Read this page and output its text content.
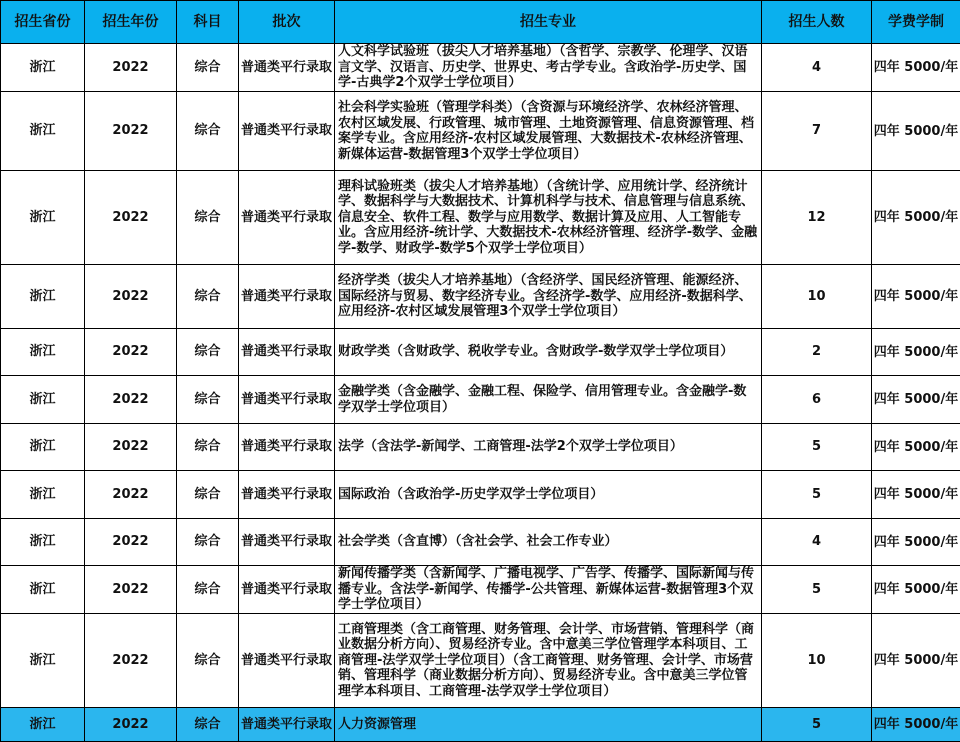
招生省份	招生年份	科目	批次	招生专业	招生人数	学费学制
浙江	2022	综合	普通类平行录取	人文科学试验班（拔尖人才培养基地）（含哲学、宗教学、伦理学、汉语言文学、汉语言、历史学、世界史、考古学专业。含政治学-历史学、国学-古典学2个双学士学位项目）	4	四年 5000/年
浙江	2022	综合	普通类平行录取	社会科学实验班（管理学科类）（含资源与环境经济学、农林经济管理、农村区域发展、行政管理、城市管理、土地资源管理、信息资源管理、档案学专业。含应用经济-农村区域发展管理、大数据技术-农林经济管理、新媒体运营-数据管理3个双学士学位项目）	7	四年 5000/年
浙江	2022	综合	普通类平行录取	理科试验班类（拔尖人才培养基地）（含统计学、应用统计学、经济统计学、数据科学与大数据技术、计算机科学与技术、信息管理与信息系统、信息安全、软件工程、数学与应用数学、数据计算及应用、人工智能专业。含应用经济-统计学、大数据技术-农林经济管理、经济学-数学、金融学-数学、财政学-数学5个双学士学位项目）	12	四年 5000/年
浙江	2022	综合	普通类平行录取	经济学类（拔尖人才培养基地）（含经济学、国民经济管理、能源经济、国际经济与贸易、数字经济专业。含经济学-数学、应用经济-数据科学、应用经济-农村区域发展管理3个双学士学位项目）	10	四年 5000/年
浙江	2022	综合	普通类平行录取	财政学类（含财政学、税收学专业。含财政学-数学双学士学位项目）	2	四年 5000/年
浙江	2022	综合	普通类平行录取	金融学类（含金融学、金融工程、保险学、信用管理专业。含金融学-数学双学士学位项目）	6	四年 5000/年
浙江	2022	综合	普通类平行录取	法学（含法学-新闻学、工商管理-法学2个双学士学位项目）	5	四年 5000/年
浙江	2022	综合	普通类平行录取	国际政治（含政治学-历史学双学士学位项目）	5	四年 5000/年
浙江	2022	综合	普通类平行录取	社会学类（含直博）（含社会学、社会工作专业）	4	四年 5000/年
浙江	2022	综合	普通类平行录取	新闻传播学类（含新闻学、广播电视学、广告学、传播学、国际新闻与传播专业。含法学-新闻学、传播学-公共管理、新媒体运营-数据管理3个双学士学位项目）	5	四年 5000/年
浙江	2022	综合	普通类平行录取	工商管理类（含工商管理、财务管理、会计学、市场营销、管理科学（商业数据分析方向）、贸易经济专业。含中意美三学位管理学本科项目、工商管理-法学双学士学位项目）（含工商管理、财务管理、会计学、市场营销、管理科学（商业数据分析方向）、贸易经济专业。含中意美三学位管理学本科项目、工商管理-法学双学士学位项目）	10	四年 5000/年
浙江	2022	综合	普通类平行录取	人力资源管理	5	四年 5000/年
